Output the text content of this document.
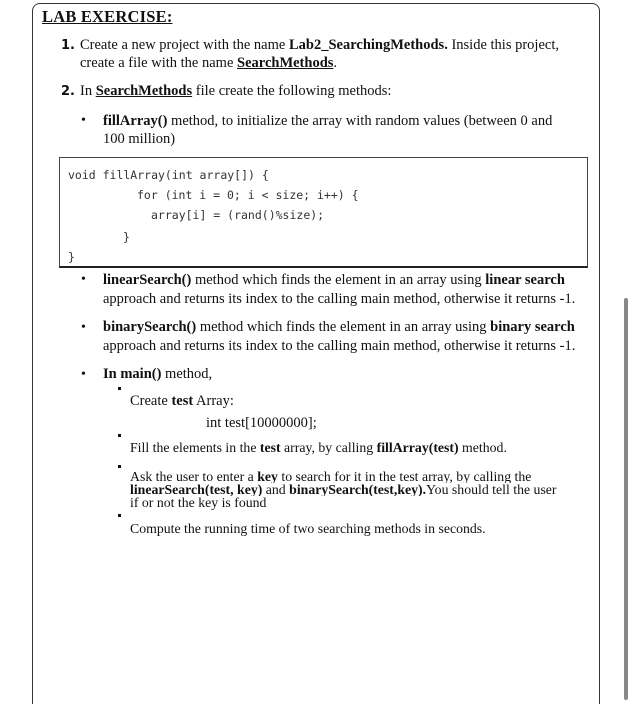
LAB EXERCISE:
1. Create a new project with the name Lab2_SearchingMethods. Inside this project,
create a file with the name SearchMethods.
2. In SearchMethods file create the following methods:
• fillArray() method, to initialize the array with random values (between 0 and
100 million)
void fillArray(int array[]) {
for (int i = 0; i < size; i++) {
array[i] = (rand()%size);
}
}
• linearSearch() method which finds the element in an array using linear search
approach and returns its index to the calling main method, otherwise it returns -1.
• binarySearch() method which finds the element in an array using binary search
approach and returns its index to the calling main method, otherwise it returns -1.
• In main() method,
Create test Array:
int test[10000000];
Fill the elements in the test array, by calling fillArray(test) method.
Ask the user to enter a key to search for it in the test array, by calling the
linearSearch(test, key) and binarySearch(test,key).You should tell the user
if or not the key is found
Compute the running time of two searching methods in seconds.
